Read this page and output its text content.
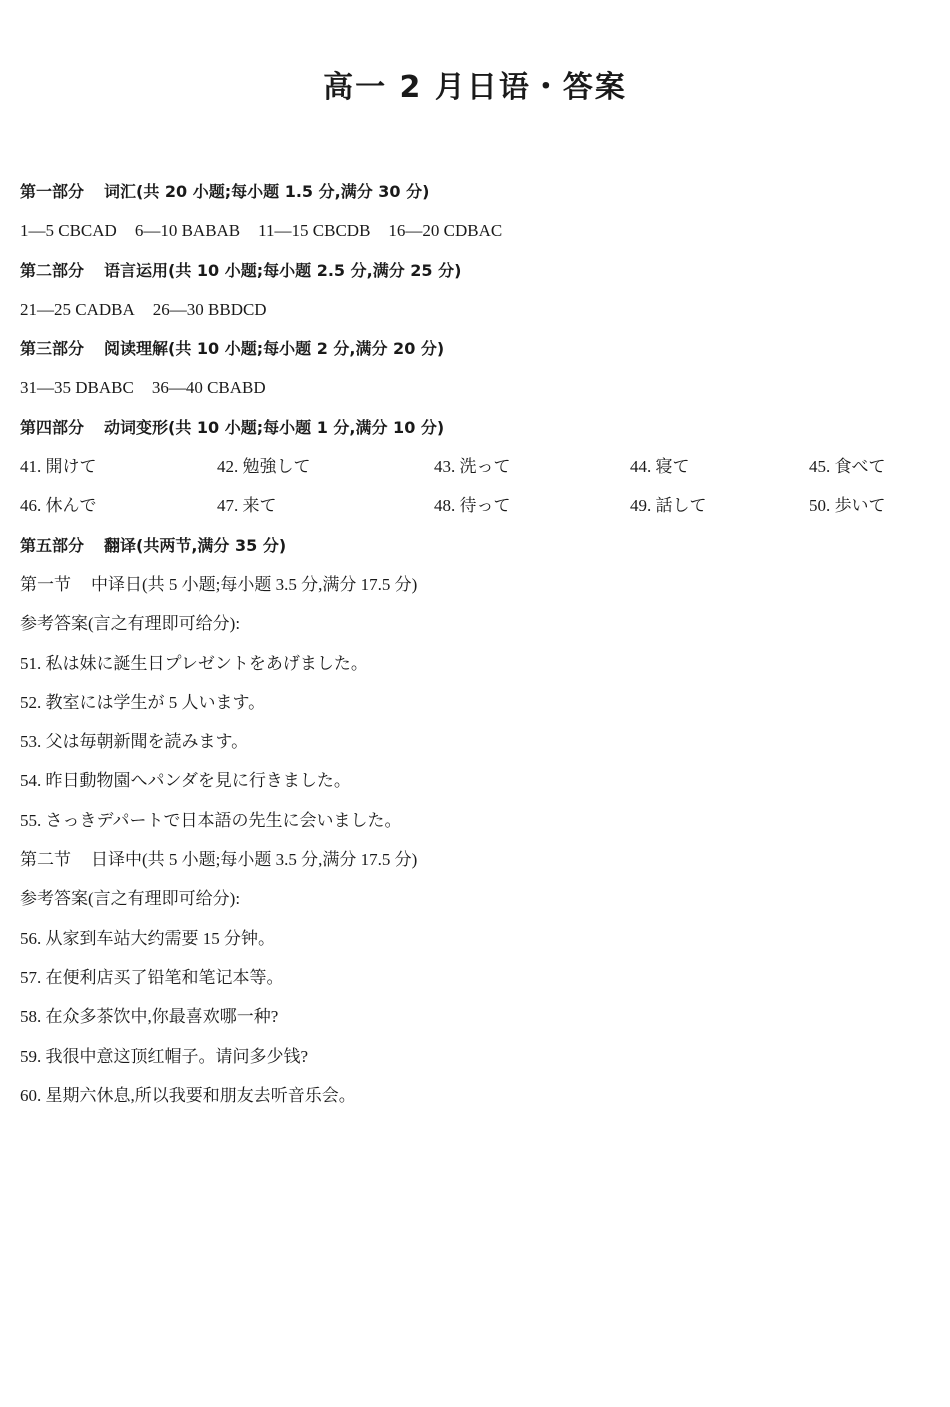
高一 2 月日语・答案
第一部分 词汇(共 20 小题;每小题 1.5 分,满分 30 分)
1—5 CBCAD 6—10 BABAB 11—15 CBCDB 16—20 CDBAC
第二部分 语言运用(共 10 小题;每小题 2.5 分,满分 25 分)
21—25 CADBA 26—30 BBDCD
第三部分 阅读理解(共 10 小题;每小题 2 分,满分 20 分)
31—35 DBABC 36—40 CBABD
第四部分 动词变形(共 10 小题;每小题 1 分,满分 10 分)
41. 開けて	42. 勉強して	43. 洗って	44. 寝て	45. 食べて
46. 休んで	47. 来て	48. 待って	49. 話して	50. 歩いて
第五部分 翻译(共两节,满分 35 分)
第一节 中译日(共 5 小题;每小题 3.5 分,满分 17.5 分)
参考答案(言之有理即可给分):
51. 私は妹に誕生日プレゼントをあげました。
52. 教室には学生が 5 人います。
53. 父は毎朝新聞を読みます。
54. 昨日動物園へパンダを見に行きました。
55. さっきデパートで日本語の先生に会いました。
第二节 日译中(共 5 小题;每小题 3.5 分,满分 17.5 分)
参考答案(言之有理即可给分):
56. 从家到车站大约需要 15 分钟。
57. 在便利店买了铅笔和笔记本等。
58. 在众多茶饮中,你最喜欢哪一种?
59. 我很中意这顶红帽子。请问多少钱?
60. 星期六休息,所以我要和朋友去听音乐会。
